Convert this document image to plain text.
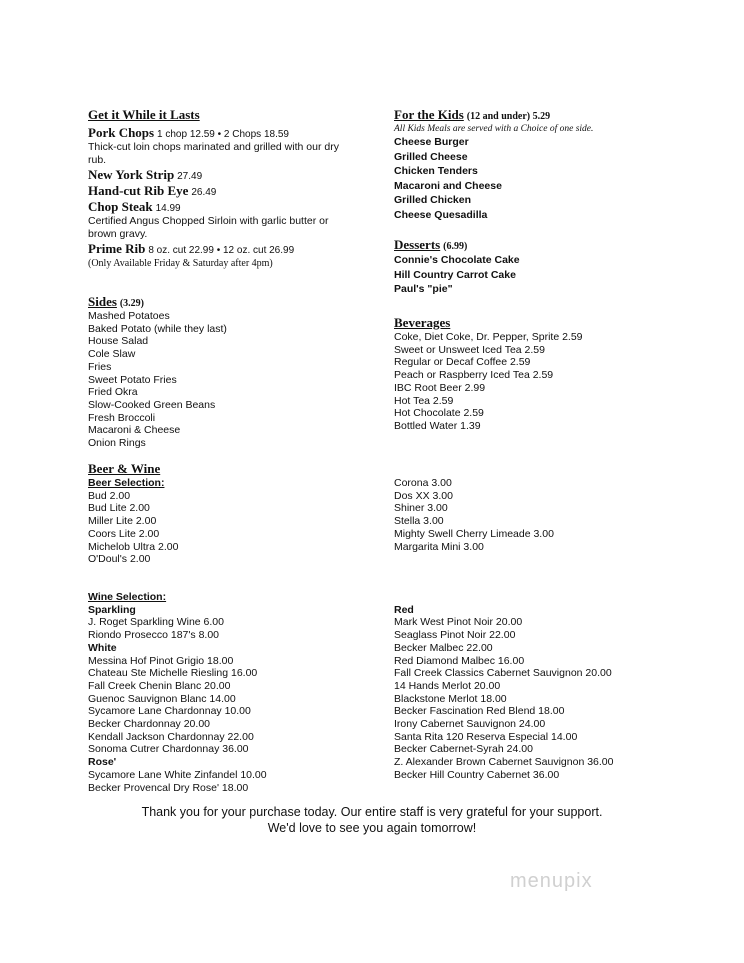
Get it While it Lasts
Pork Chops 1 chop 12.59 • 2 Chops 18.59
Thick-cut loin chops marinated and grilled with our dry rub.
New York Strip 27.49
Hand-cut Rib Eye 26.49
Chop Steak 14.99
Certified Angus Chopped Sirloin with garlic butter or brown gravy.
Prime Rib 8 oz. cut 22.99 • 12 oz. cut 26.99
(Only Available Friday & Saturday after 4pm)
Sides (3.29)
Mashed Potatoes
Baked Potato (while they last)
House Salad
Cole Slaw
Fries
Sweet Potato Fries
Fried Okra
Slow-Cooked Green Beans
Fresh Broccoli
Macaroni & Cheese
Onion Rings
For the Kids (12 and under) 5.29
All Kids Meals are served with a Choice of one side.
Cheese Burger
Grilled Cheese
Chicken Tenders
Macaroni and Cheese
Grilled Chicken
Cheese Quesadilla
Desserts (6.99)
Connie's Chocolate Cake
Hill Country Carrot Cake
Paul's "pie"
Beverages
Coke, Diet Coke, Dr. Pepper, Sprite 2.59
Sweet or Unsweet Iced Tea 2.59
Regular or Decaf Coffee 2.59
Peach or Raspberry Iced Tea 2.59
IBC Root Beer 2.99
Hot Tea 2.59
Hot Chocolate 2.59
Bottled Water 1.39
Beer & Wine
Beer Selection:
Bud 2.00
Bud Lite 2.00
Miller Lite 2.00
Coors Lite 2.00
Michelob Ultra 2.00
O'Doul's 2.00
Corona 3.00
Dos XX 3.00
Shiner 3.00
Stella 3.00
Mighty Swell Cherry Limeade 3.00
Margarita Mini 3.00
Wine Selection:
Sparkling
J. Roget Sparkling Wine 6.00
Riondo Prosecco 187's 8.00
White
Messina Hof Pinot Grigio 18.00
Chateau Ste Michelle Riesling 16.00
Fall Creek Chenin Blanc 20.00
Guenoc Sauvignon Blanc 14.00
Sycamore Lane Chardonnay 10.00
Becker Chardonnay 20.00
Kendall Jackson Chardonnay 22.00
Sonoma Cutrer Chardonnay 36.00
Rose'
Sycamore Lane White Zinfandel 10.00
Becker Provencal Dry Rose' 18.00
Red
Mark West Pinot Noir 20.00
Seaglass Pinot Noir 22.00
Becker Malbec 22.00
Red Diamond Malbec 16.00
Fall Creek Classics Cabernet Sauvignon 20.00
14 Hands Merlot 20.00
Blackstone Merlot 18.00
Becker Fascination Red Blend 18.00
Irony Cabernet Sauvignon 24.00
Santa Rita 120 Reserva Especial 14.00
Becker Cabernet-Syrah 24.00
Z. Alexander Brown Cabernet Sauvignon 36.00
Becker Hill Country Cabernet 36.00
Thank you for your purchase today. Our entire staff is very grateful for your support.
We'd love to see you again tomorrow!
menupix
